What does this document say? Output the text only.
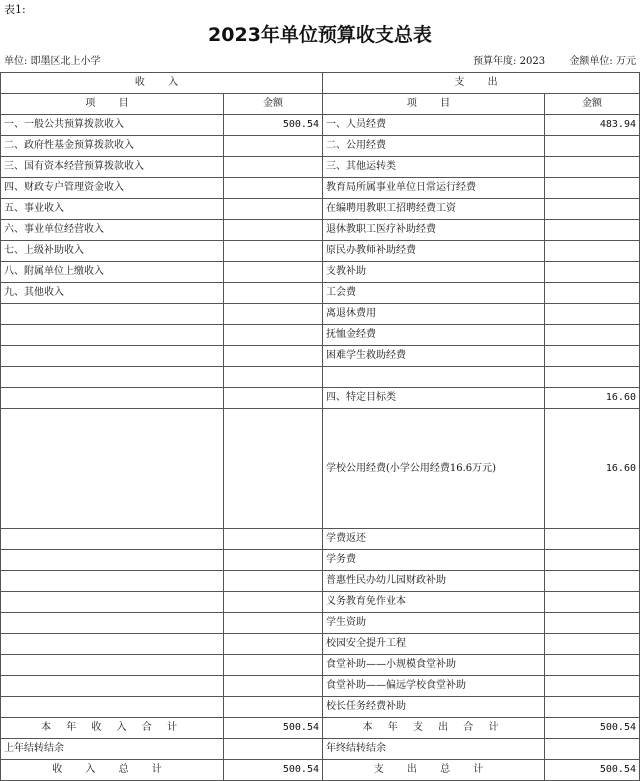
表1:
2023年单位预算收支总表
单位: 即墨区北上小学	预算年度: 2023 金额单位: 万元
收 入		支 出	
项 目	金额	项 目	金额
一、一般公共预算拨款收入	500.54	一、人员经费	483.94
二、政府性基金预算拨款收入		二、公用经费	
三、国有资本经营预算拨款收入		三、其他运转类	
四、财政专户管理资金收入		教育局所属事业单位日常运行经费	
五、事业收入		在编聘用教职工招聘经费工资	
六、事业单位经营收入		退休教职工医疗补助经费	
七、上级补助收入		原民办教师补助经费	
八、附属单位上缴收入		支教补助	
九、其他收入		工会费	
		离退休费用	
		抚恤金经费	
		困难学生救助经费	

		四、特定目标类	16.60
		学校公用经费(小学公用经费16.6万元)	16.60
		学费返还	
		学务费	
		普惠性民办幼儿园财政补助	
		义务教育免作业本	
		学生资助	
		校园安全提升工程	
		食堂补助——小规模食堂补助	
		食堂补助——偏远学校食堂补助	
		校长任务经费补助	
本 年 收 入 合 计	500.54	本 年 支 出 合 计	500.54
上年结转结余		年终结转结余	
收 入 总 计	500.54	支 出 总 计	500.54
